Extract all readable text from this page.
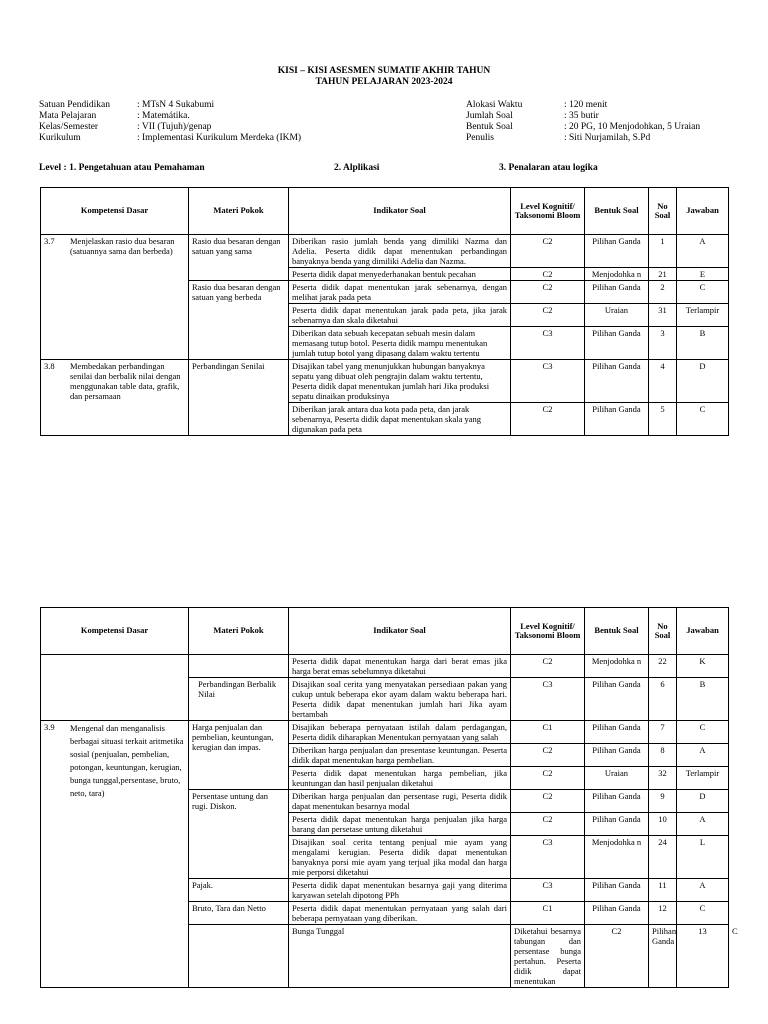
KISI – KISI ASESMEN SUMATIF AKHIR TAHUN
TAHUN PELAJARAN 2023-2024
Satuan Pendidikan	: MTsN 4 Sukabumi
Mata Pelajaran	: Matemátika.
Kelas/Semester	: VII (Tujuh)/genap
Kurikulum	: Implementasi Kurikulum Merdeka (IKM)
Alokasi Waktu	: 120 menit
Jumlah Soal	: 35 butir
Bentuk Soal	: 20 PG, 10 Menjodohkan, 5 Uraian
Penulis	: Siti Nurjamilah, S.Pd
Level : 1. Pengetahuan atau Pemahaman	2. Alplikasi	3. Penalaran atau logika
Kompetensi Dasar	Materi Pokok	Indikator Soal	Level Kognitif/ Taksonomi Bloom	Bentuk Soal	No Soal	Jawaban

3.7 Menjelaskan rasio dua besaran (satuannya sama dan berbeda)	Rasio dua besaran dengan satuan yang sama	Diberikan rasio jumlah benda yang dimiliki Nazma dan Adelia. Peserta didik dapat menentukan perbandingan banyaknya benda yang dimiliki Adelia dan Nazma.	C2	Pilihan Ganda	1	A
		Peserta didik dapat menyederhanakan bentuk pecahan	C2	Menjodohka n	21	E
	Rasio dua besaran dengan satuan yang berbeda	Peserta didik dapat menentukan jarak sebenarnya, dengan melihat jarak pada peta	C2	Pilihan Ganda	2	C
		Peserta didik dapat menentukan jarak pada peta, jika jarak sebenarnya dan skala diketahui	C2	Uraian	31	Terlampir
		Diberikan data sebuah kecepatan sebuah mesin dalam memasang tutup botol. Peserta didik mampu menentukan jumlah tutup botol yang dipasang dalam waktu tertentu	C3	Pilihan Ganda	3	B

3.8 Membedakan perbandingan senilai dan berbalik nilai dengan menggunakan table data, grafik, dan persamaan	Perbandingan Senilai	Disajikan tabel yang menunjukkan hubungan banyaknya sepatu yang dibuat oleh pengrajin dalam waktu tertentu, Peserta didik dapat menentukan jumlah hari Jika produksi sepatu dinaikan produksinya	C3	Pilihan Ganda	4	D
		Diberikan jarak antara dua kota pada peta, dan jarak sebenarnya, Peserta didik dapat menentukan skala yang digunakan pada peta	C2	Pilihan Ganda	5	C
Kompetensi Dasar	Materi Pokok	Indikator Soal	Level Kognitif/ Taksonomi Bloom	Bentuk Soal	No Soal	Jawaban	
		Peserta didik dapat menentukan harga dari berat emas jika harga berat emas sebelumnya diketahui	C2	Menjodohka n	22	K	
	Perbandingan Berbalik Nilai	Disajikan soal cerita yang menyatakan persediaan pakan yang cukup untuk beberapa ekor ayam dalam waktu beberapa hari. Peserta didik dapat menentukan jumlah hari Jika ayam bertambah	C3	Pilihan Ganda	6	B	

3.9 Mengenal dan menganalisis berbagai situasi terkait aritmetika sosial (penjualan, pembelian, potongan, keuntungan, kerugian, bunga tunggal,persentase, bruto, neto, tara)	Harga penjualan dan pembelian, keuntungan, kerugian dan impas.	Disajikan beberapa pernyataan istilah dalam perdagangan, Peserta didik diharapkan Menentukan pernyataan yang salah	C1	Pilihan Ganda	7	C	
		Diberikan harga penjualan dan presentase keuntungan. Peserta didik dapat menentukan harga pembelian.	C2	Pilihan Ganda	8	A	
		Peserta didik dapat menentukan harga pembelian, jika keuntungan dan hasil penjualan diketahui	C2	Uraian	32	Terlampir	
	Persentase untung dan rugi. Diskon.	Diberikan harga penjualan dan persentase rugi, Peserta didik dapat menentukan besarnya modal	C2	Pilihan Ganda	9	D	
		Peserta didik dapat menentukan harga penjualan jika harga barang dan persetase untung diketahui	C2	Pilihan Ganda	10	A	
		Disajikan soal cerita tentang penjual mie ayam yang mengalami kerugian. Peserta didik dapat menentukan banyaknya porsi mie ayam yang terjual jika modal dan harga mie perporsi diketahui	C3	Menjodohka n	24	L	
	Pajak.	Peserta didik dapat menentukan besarnya gaji yang diterima karyawan setelah dipotong PPh	C3	Pilihan Ganda	11	A	
	Bruto, Tara dan Netto	Peserta didik dapat menentukan pernyataan yang salah dari beberapa pernyataan yang diberikan.	C1	Pilihan Ganda	12	C	
		Bunga Tunggal	Diketahui besarnya tabungan dan persentase bunga pertahun. Peserta didik dapat menentukan	C2	Pilihan Ganda	13	C
